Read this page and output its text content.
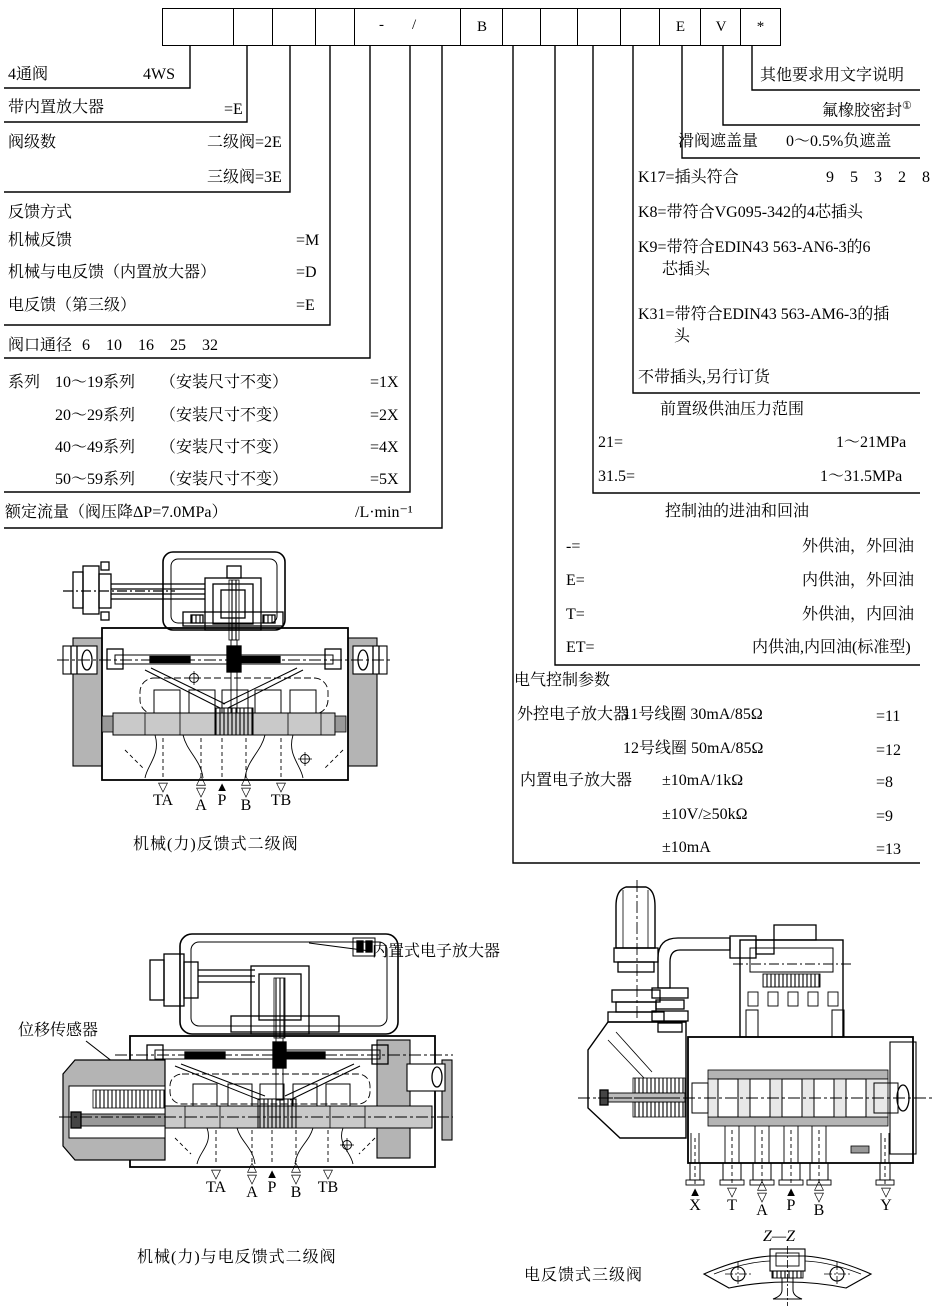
- /	B	E V *
4通阀	4WS
带内置放大器	=E
阀级数	二级阀=2E
三级阀=3E
反馈方式
机械反馈	=M
机械与电反馈（内置放大器）	=D
电反馈（第三级）	=E
阀口通径 6 10 16 25 32
系列 10～19系列 （安装尺寸不变）	=1X
20～29系列 （安装尺寸不变）	=2X
40～49系列 （安装尺寸不变）	=4X
50～59系列 （安装尺寸不变）	=5X
额定流量（阀压降ΔP=7.0MPa）	/L·min⁻¹
其他要求用文字说明
氟橡胶密封①
滑阀遮盖量 0～0.5%负遮盖
K17=插头符合	9 5 3 2 8
K8=带符合VG095-342的4芯插头
K9=带符合EDIN43 563-AN6-3的6
芯插头
K31=带符合EDIN43 563-AM6-3的插
头
不带插头,另行订货
前置级供油压力范围
21=	1～21MPa
31.5=	1～31.5MPa
控制油的进油和回油
-=	外供油，外回油
E=	内供油，外回油
T=	外供油，内回油
ET=	内供油,内回油(标准型)
电气控制参数
外控电子放大器
11号线圈 30mA/85Ω	=11
12号线圈 50mA/85Ω	=12
内置电子放大器 ±10mA/1kΩ	=8
±10V/≥50kΩ	=9
±10mA	=13
▽
TA
△
▽
A
▲
P
△
▽
B
▽
TB
机械(力)反馈式二级阀
位移传感器
内置式电子放大器
▽
TA
△
▽
A
▲
P
△
▽
B
▽
TB
机械(力)与电反馈式二级阀
▲
X
▽
T
△
▽
A
▲
P
△
▽
B
▽
Y
电反馈式三级阀
Z—Z
